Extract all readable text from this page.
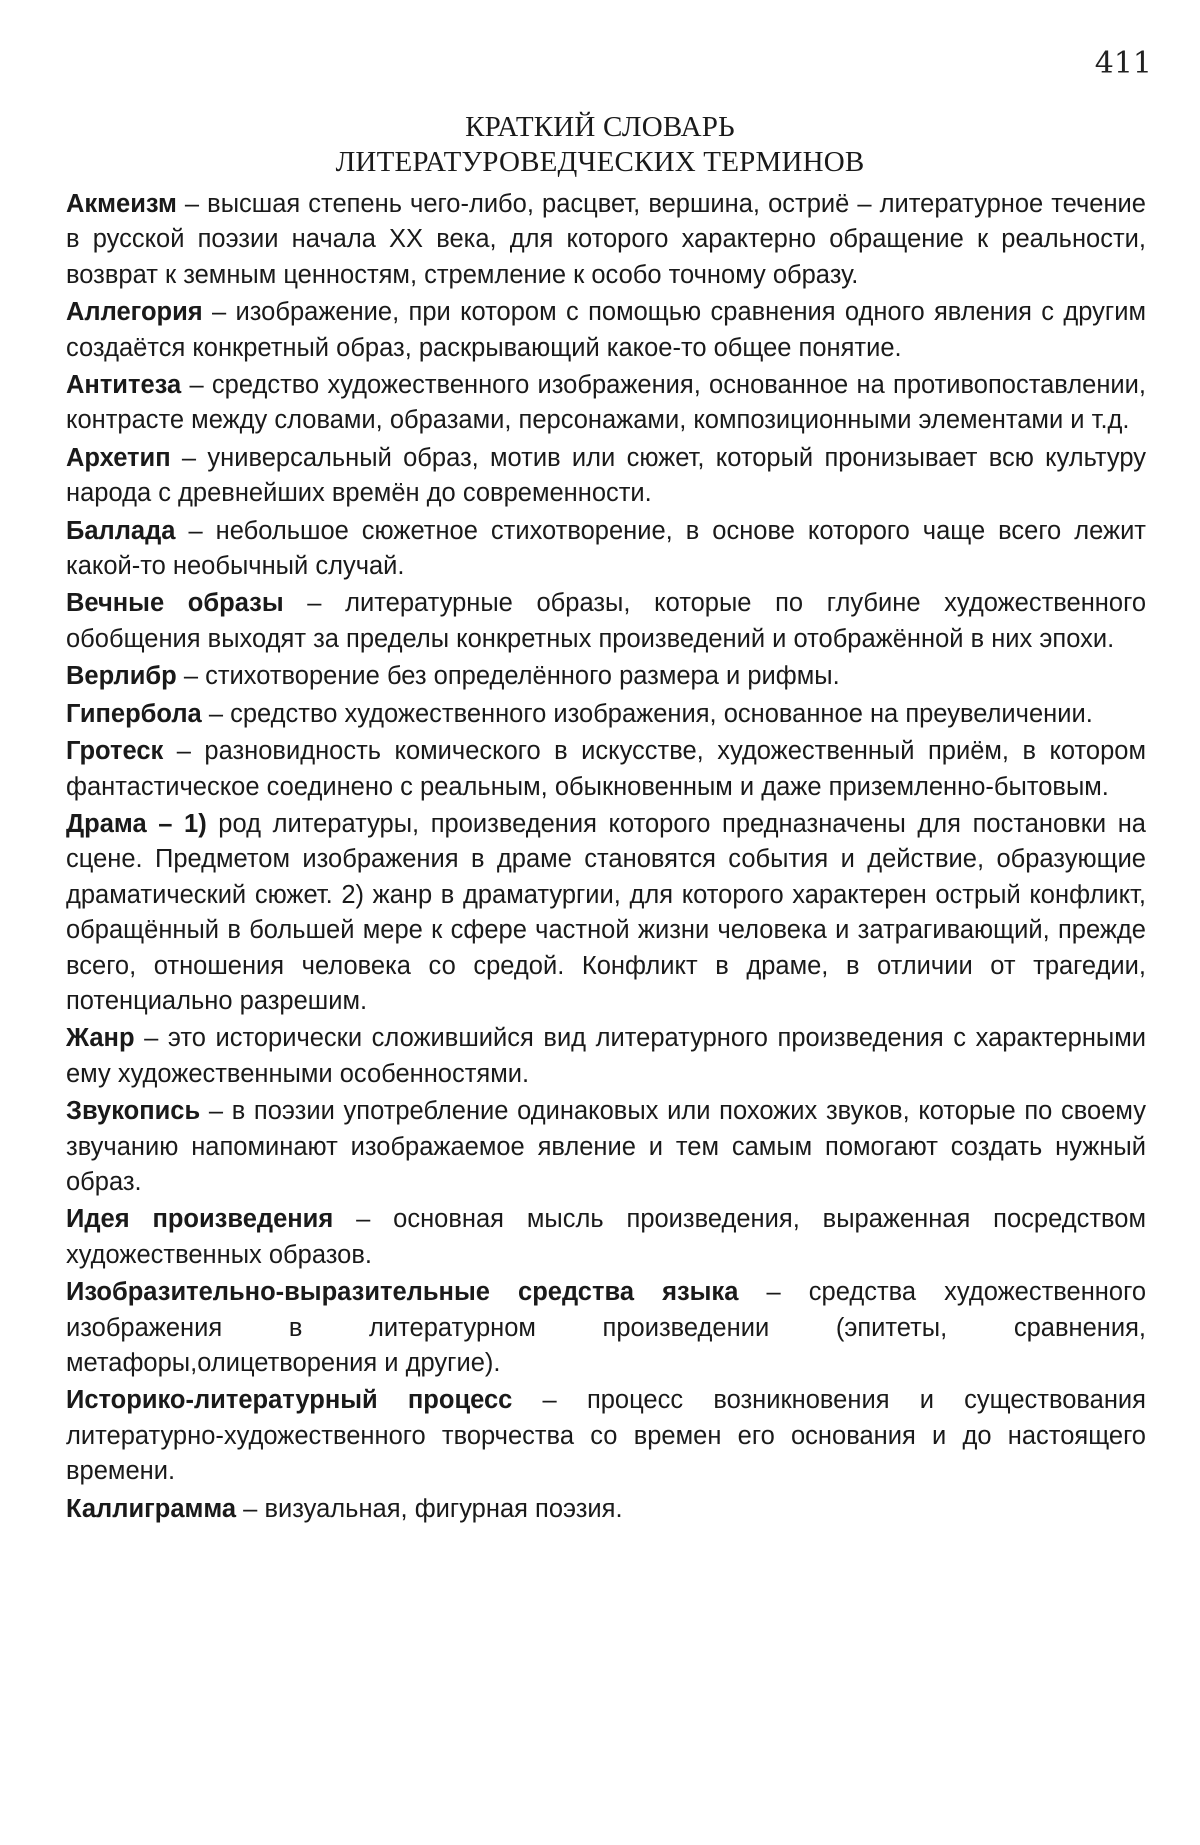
411
КРАТКИЙ СЛОВАРЬ
ЛИТЕРАТУРОВЕДЧЕСКИХ ТЕРМИНОВ

Акмеизм – высшая степень чего-либо, расцвет, вершина, остриё – литературное течение в русской поэзии начала XX века, для которого характерно обращение к реальности, возврат к земным ценностям, стремление к особо точному образу.

Аллегория – изображение, при котором с помощью сравнения одного явления с другим создаётся конкретный образ, раскрывающий какое-то общее понятие.

Антитеза – средство художественного изображения, основанное на противопоставлении, контрасте между словами, образами, персонажами, композиционными элементами и т.д.

Архетип – универсальный образ, мотив или сюжет, который пронизывает всю культуру народа с древнейших времён до современности.

Баллада – небольшое сюжетное стихотворение, в основе которого чаще всего лежит какой-то необычный случай.

Вечные образы – литературные образы, которые по глубине художественного обобщения выходят за пределы конкретных произведений и отображённой в них эпохи.

Верлибр – стихотворение без определённого размера и рифмы.

Гипербола – средство художественного изображения, основанное на преувеличении.

Гротеск – разновидность комического в искусстве, художественный приём, в котором фантастическое соединено с реальным, обыкновенным и даже приземленно-бытовым.

Драма – 1) род литературы, произведения которого предназначены для постановки на сцене. Предметом изображения в драме становятся события и действие, образующие драматический сюжет. 2) жанр в драматургии, для которого характерен острый конфликт, обращённый в большей мере к сфере частной жизни человека и затрагивающий, прежде всего, отношения человека со средой. Конфликт в драме, в отличии от трагедии, потенциально разрешим.

Жанр – это исторически сложившийся вид литературного произведения с характерными ему художественными особенностями.

Звукопись – в поэзии употребление одинаковых или похожих звуков, которые по своему звучанию напоминают изображаемое явление и тем самым помогают создать нужный образ.

Идея произведения – основная мысль произведения, выраженная посредством художественных образов.

Изобразительно-выразительные средства языка – средства художественного изображения в литературном произведении (эпитеты, сравнения, метафоры,олицетворения и другие).

Историко-литературный процесс – процесс возникновения и существования литературно-художественного творчества со времен его основания и до настоящего времени.

Каллиграмма – визуальная, фигурная поэзия.
